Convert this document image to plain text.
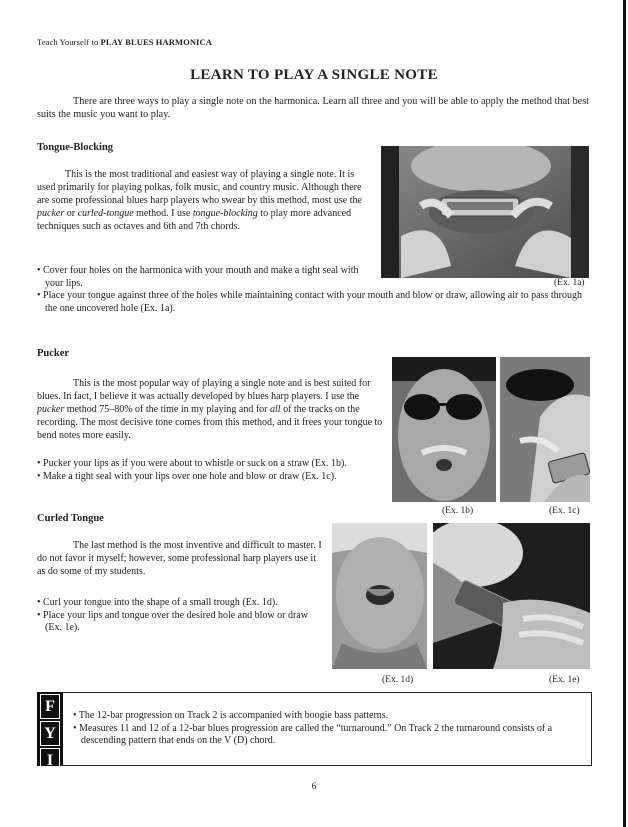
Teach Yourself to PLAY BLUES HARMONICA
LEARN TO PLAY A SINGLE NOTE
There are three ways to play a single note on the harmonica. Learn all three and you will be able to apply the method that best suits the music you want to play.
Tongue-Blocking
This is the most traditional and easiest way of playing a single note. It is used primarily for playing polkas, folk music, and country music. Although there are some professional blues harp players who swear by this method, most use the pucker or curled-tongue method. I use tongue-blocking to play more advanced techniques such as octaves and 6th and 7th chords.
• Cover four holes on the harmonica with your mouth and make a tight seal with your lips.
• Place your tongue against three of the holes while maintaining contact with your mouth and blow or draw, allowing air to pass through the one uncovered hole (Ex. 1a).
(Ex. 1a)
Pucker
This is the most popular way of playing a single note and is best suited for blues. In fact, I believe it was actually developed by blues harp players. I use the pucker method 75–80% of the time in my playing and for all of the tracks on the recording. The most decisive tone comes from this method, and it frees your tongue to bend notes more easily.
• Pucker your lips as if you were about to whistle or suck on a straw (Ex. 1b).
• Make a tight seal with your lips over one hole and blow or draw (Ex. 1c).
(Ex. 1b)	(Ex. 1c)
Curled Tongue
The last method is the most inventive and difficult to master. I do not favor it myself; however, some professional harp players use it as do some of my students.
• Curl your tongue into the shape of a small trough (Ex. 1d).
• Place your lips and tongue over the desired hole and blow or draw (Ex. 1e).
(Ex. 1d)	(Ex. 1e)
F
Y
I
• The 12-bar progression on Track 2 is accompanied with boogie bass patterns.
• Measures 11 and 12 of a 12-bar blues progression are called the “turnaround.” On Track 2 the turnaround consists of a descending pattern that ends on the V (D) chord.
6
